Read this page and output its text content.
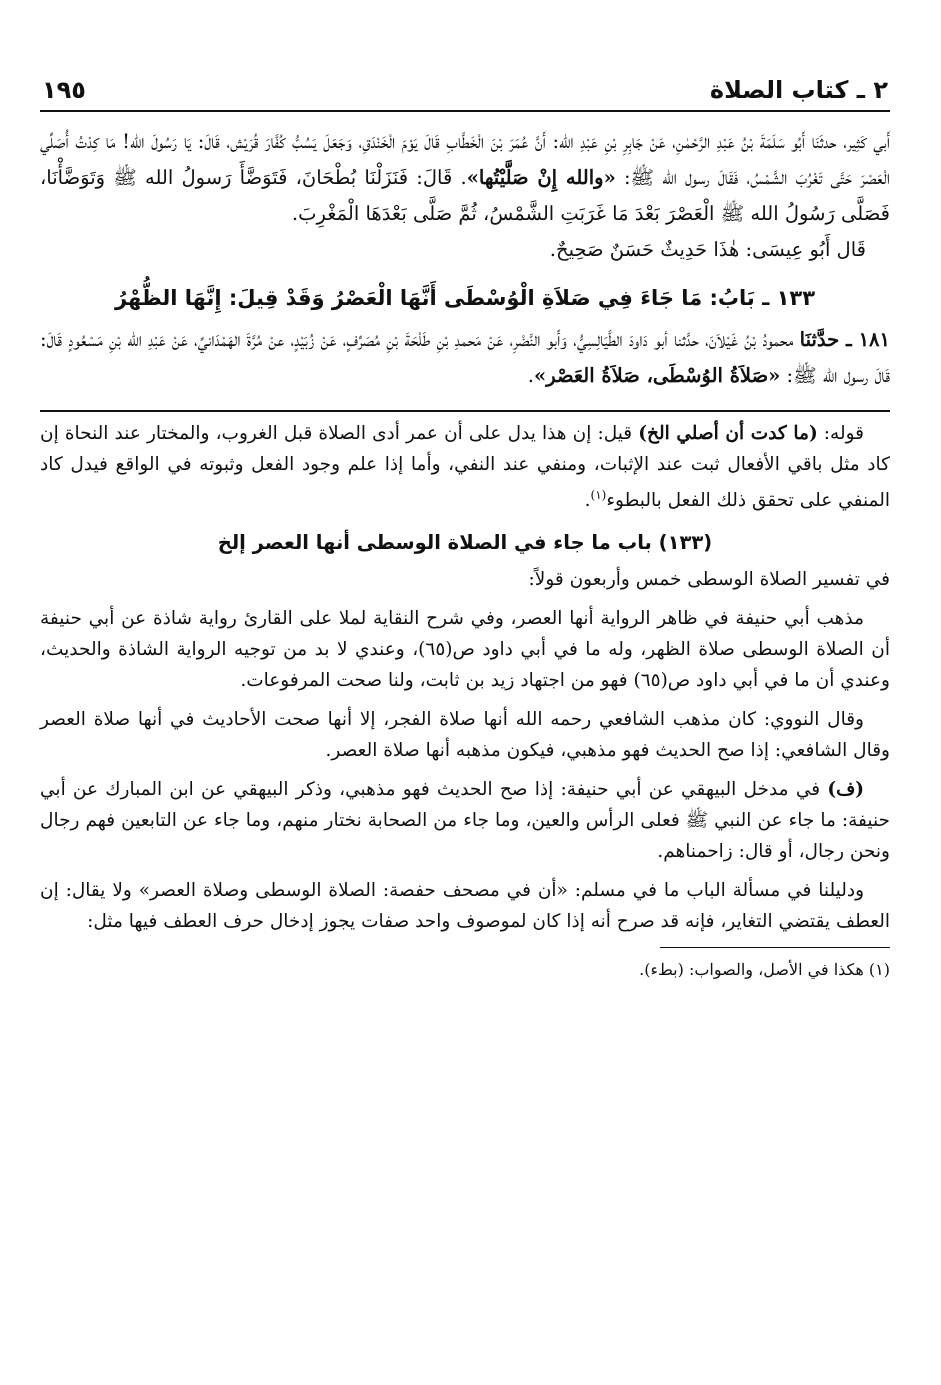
٢ ـ كتاب الصلاة
١٩٥

أَبي كَثِير، حدثَنَا أَبُو سَلَمَةَ بْنُ عَبْدِ الرَّحْمٰنِ، عَنْ جَابِرِ بْنِ عَبْدِ الله: أَنَّ عُمَرَ بْنَ الْخَطَّابِ قَالَ يَوْمَ الْخَنْدَقِ، وَجَعَلَ يَسُبُّ كُفَّارَ قُرَيْش، قَالَ: يَا رَسُولَ الله! مَا كِدْتُ أُصَلِّي الْعَصْرَ حَتَّى تَغْرُبَ الشَّمْسُ، فَقَالَ رسول الله ﷺ: «والله إِنْ صَلَّيْتُها». قَالَ: فَنَزَلْنَا بُطْحَانَ، فَتَوَضَّأَ رَسولُ الله ﷺ وَتَوَضَّأْنَا، فَصَلَّى رَسُولُ الله ﷺ الْعَصْرَ بَعْدَ مَا غَرَبَتِ الشَّمْسُ، ثُمَّ صَلَّى بَعْدَهَا الْمَغْرِبَ.

قَال أَبُو عِيسَى: هٰذَا حَدِيثٌ حَسَنٌ صَحِيحٌ.

١٣٣ ـ بَابُ: مَا جَاءَ فِي صَلاَةِ الْوُسْطَى أَنَّهَا الْعَصْرُ وَقَدْ قِيلَ: إِنَّهَا الظُّهْرُ

١٨١ ـ حدَّثنَا محمودُ بْنُ غَيْلاَنَ، حدَّثنا أبو دَاودَ الطَّيَالِسِيُّ، وَأَبو النَّضْرِ، عَنْ مَحمدِ بْنِ طَلْحَةَ بْنِ مُصَرِّفٍ، عَنْ زُبَيْدٍ، عنْ مُرَّةَ الهَمْدَانيِّ، عَنْ عَبْدِ الله بْنِ مَسْعُودٍ قَالَ: قَالَ رسول الله ﷺ: «صَلاَةُ الوُسْطَى، صَلاَةُ العَصْر».

قوله: (ما كدت أن أصلي الخ) قيل: إن هذا يدل على أن عمر أدى الصلاة قبل الغروب، والمختار عند النحاة إن كاد مثل باقي الأفعال ثبت عند الإثبات، ومنفي عند النفي، وأما إذا علم وجود الفعل وثبوته في الواقع فيدل كاد المنفي على تحقق ذلك الفعل بالبطوء$^{(١)}$.

(١٣٣) باب ما جاء في الصلاة الوسطى أنها العصر إلخ

في تفسير الصلاة الوسطى خمس وأربعون قولاً:

مذهب أبي حنيفة في ظاهر الرواية أنها العصر، وفي شرح النقاية لملا على القارئ رواية شاذة عن أبي حنيفة أن الصلاة الوسطى صلاة الظهر، وله ما في أبي داود ص(٦٥)، وعندي لا بد من توجيه الرواية الشاذة والحديث، وعندي أن ما في أبي داود ص(٦٥) فهو من اجتهاد زيد بن ثابت، ولنا صحت المرفوعات.

وقال النووي: كان مذهب الشافعي رحمه الله أنها صلاة الفجر، إلا أنها صحت الأحاديث في أنها صلاة العصر وقال الشافعي: إذا صح الحديث فهو مذهبي، فيكون مذهبه أنها صلاة العصر.

(ف) في مدخل البيهقي عن أبي حنيفة: إذا صح الحديث فهو مذهبي، وذكر البيهقي عن ابن المبارك عن أبي حنيفة: ما جاء عن النبي ﷺ فعلى الرأس والعين، وما جاء من الصحابة نختار منهم، وما جاء عن التابعين فهم رجال ونحن رجال، أو قال: زاحمناهم.

ودليلنا في مسألة الباب ما في مسلم: «أن في مصحف حفصة: الصلاة الوسطى وصلاة العصر» ولا يقال: إن العطف يقتضي التغاير، فإنه قد صرح أنه إذا كان لموصوف واحد صفات يجوز إدخال حرف العطف فيها مثل:

(١) هكذا في الأصل، والصواب: (بطء).
